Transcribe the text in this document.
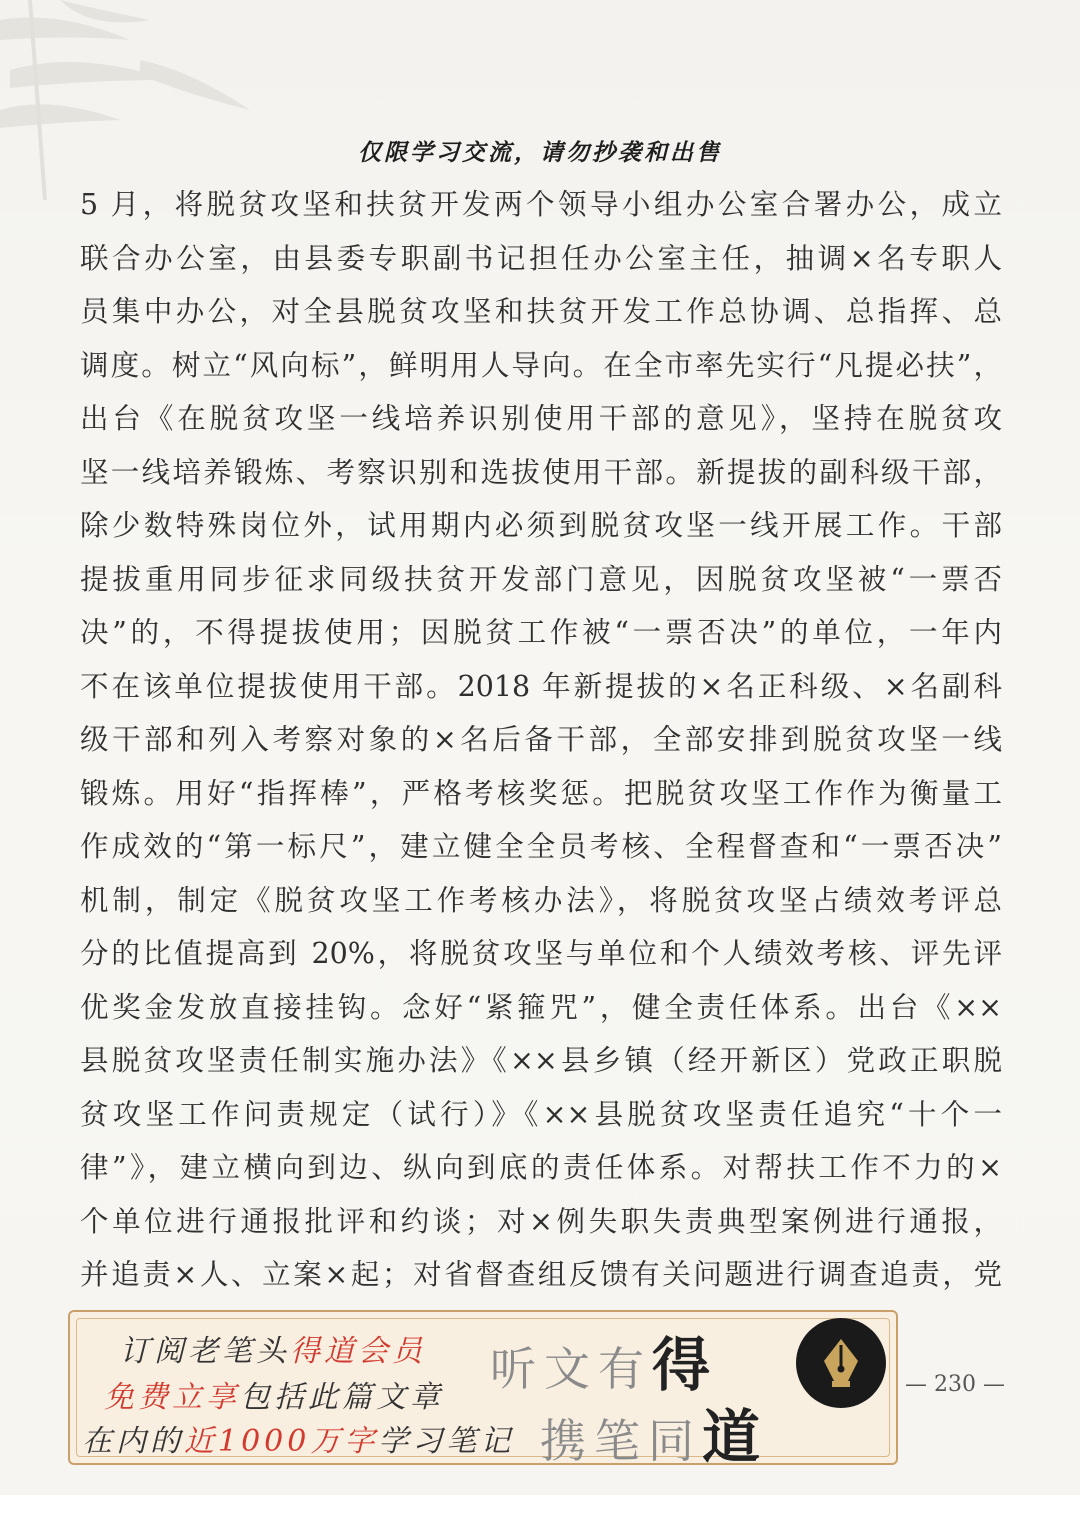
仅限学习交流，请勿抄袭和出售
5 月，将脱贫攻坚和扶贫开发两个领导小组办公室合署办公，成立
联合办公室，由县委专职副书记担任办公室主任，抽调×名专职人
员集中办公，对全县脱贫攻坚和扶贫开发工作总协调、总指挥、总
调度。树立“风向标”，鲜明用人导向。在全市率先实行“凡提必扶”，
出台《在脱贫攻坚一线培养识别使用干部的意见》，坚持在脱贫攻
坚一线培养锻炼、考察识别和选拔使用干部。新提拔的副科级干部，
除少数特殊岗位外，试用期内必须到脱贫攻坚一线开展工作。干部
提拔重用同步征求同级扶贫开发部门意见，因脱贫攻坚被“一票否
决”的，不得提拔使用；因脱贫工作被“一票否决”的单位，一年内
不在该单位提拔使用干部。2018 年新提拔的×名正科级、×名副科
级干部和列入考察对象的×名后备干部，全部安排到脱贫攻坚一线
锻炼。用好“指挥棒”，严格考核奖惩。把脱贫攻坚工作作为衡量工
作成效的“第一标尺”，建立健全全员考核、全程督查和“一票否决”
机制，制定《脱贫攻坚工作考核办法》，将脱贫攻坚占绩效考评总
分的比值提高到 20%，将脱贫攻坚与单位和个人绩效考核、评先评
优奖金发放直接挂钩。念好“紧箍咒”，健全责任体系。出台《××
县脱贫攻坚责任制实施办法》《××县乡镇（经开新区）党政正职脱
贫攻坚工作问责规定（试行）》《××县脱贫攻坚责任追究“十个一
律”》，建立横向到边、纵向到底的责任体系。对帮扶工作不力的×
个单位进行通报批评和约谈；对×例失职失责典型案例进行通报，
并追责×人、立案×起；对省督查组反馈有关问题进行调查追责，党
订阅老笔头得道会员
免费立享包括此篇文章
在内的近1000万字学习笔记
听文有得
携笔同道
— 230 —
